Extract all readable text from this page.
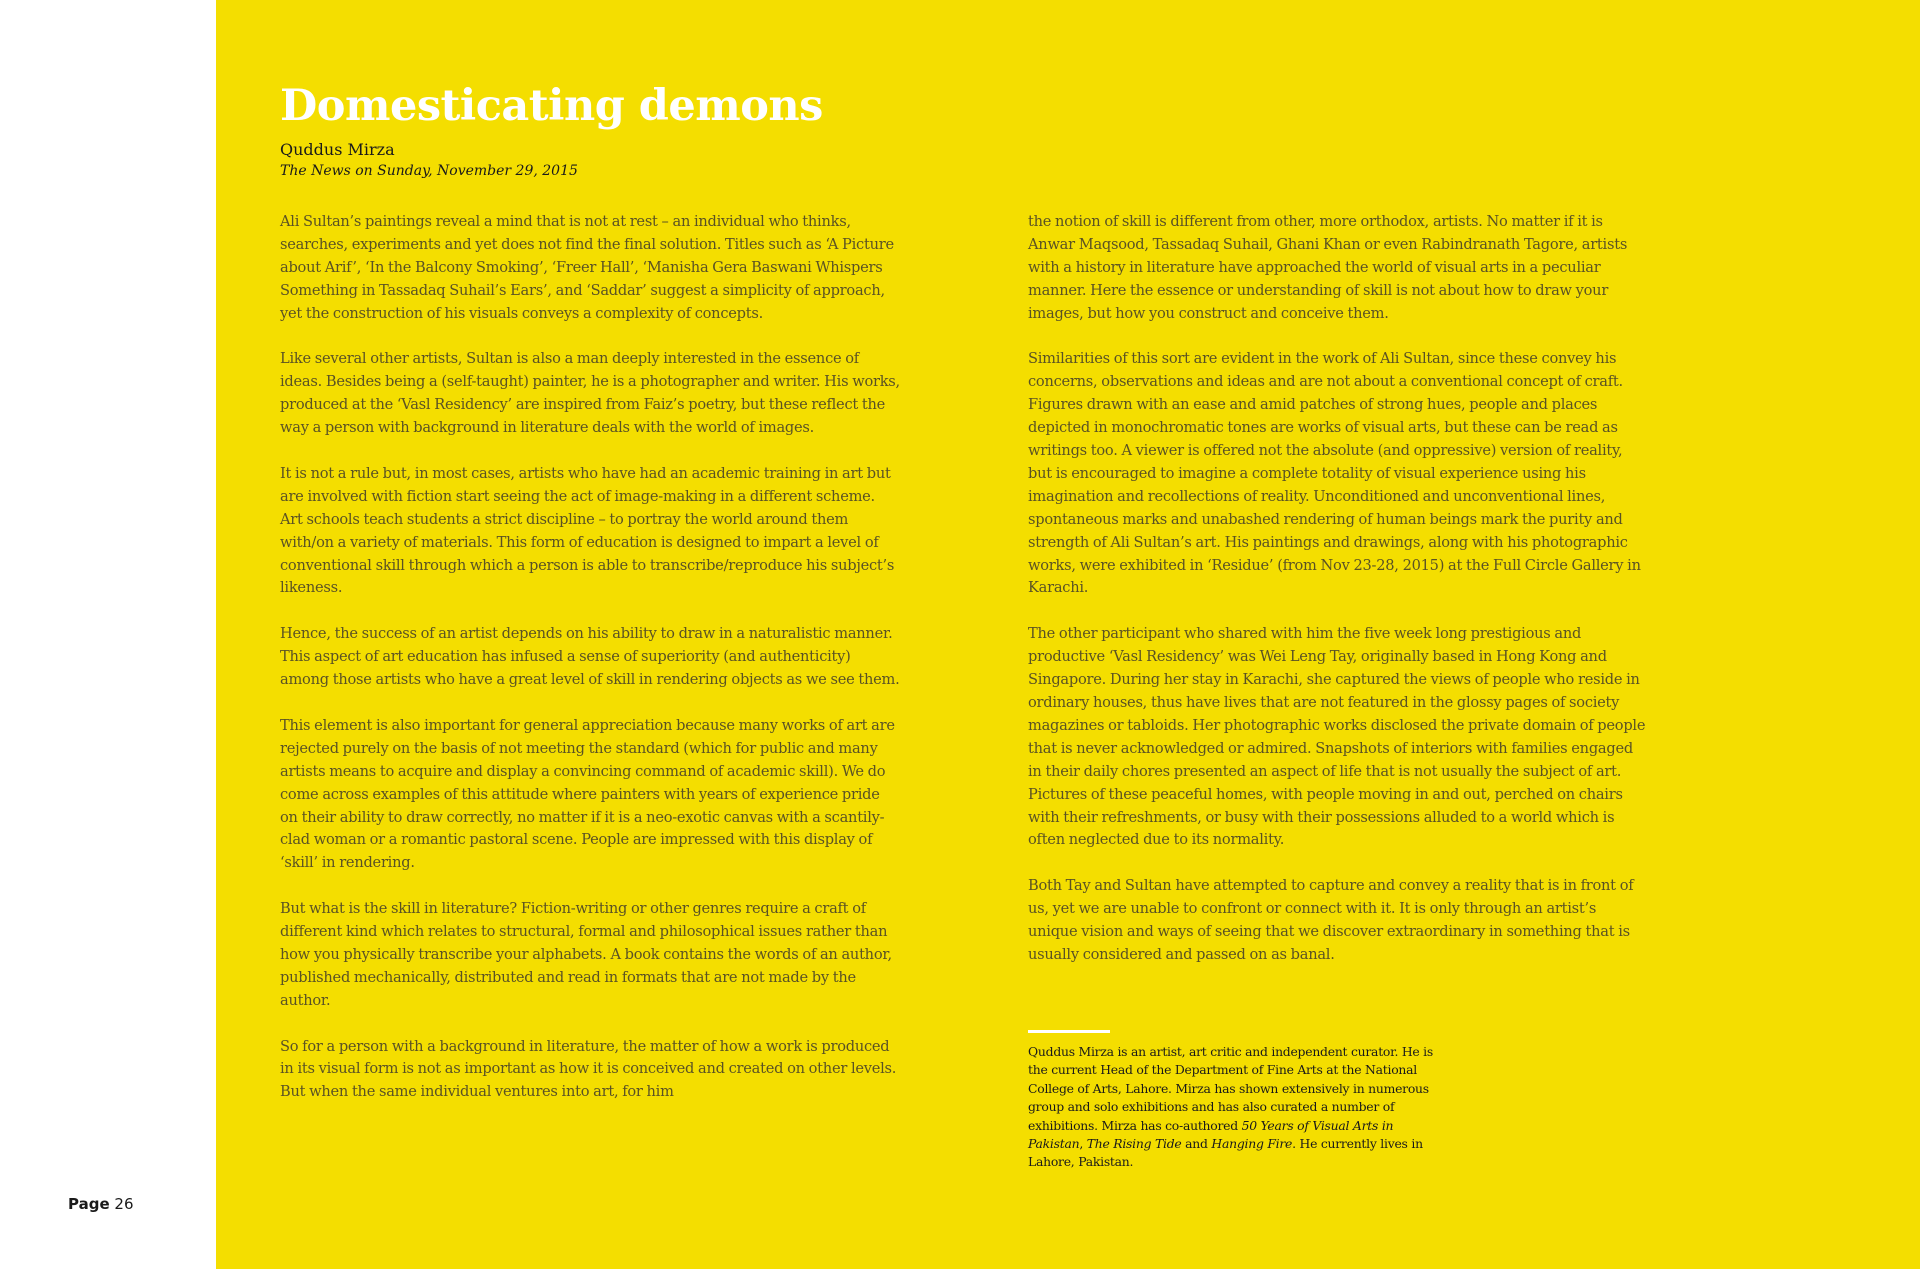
Domesticating demons
Quddus Mirza
The News on Sunday, November 29, 2015

Ali Sultan’s paintings reveal a mind that is not at rest – an individual who thinks, searches, experiments and yet does not find the final solution. Titles such as ‘A Picture about Arif’, ‘In the Balcony Smoking’, ‘Freer Hall’, ‘Manisha Gera Baswani Whispers Something in Tassadaq Suhail’s Ears’, and ‘Saddar’ suggest a simplicity of approach, yet the construction of his visuals conveys a complexity of concepts.

Like several other artists, Sultan is also a man deeply interested in the essence of ideas. Besides being a (self-taught) painter, he is a photographer and writer. His works, produced at the ‘Vasl Residency’ are inspired from Faiz’s poetry, but these reflect the way a person with background in literature deals with the world of images.

It is not a rule but, in most cases, artists who have had an academic training in art but are involved with fiction start seeing the act of image-making in a different scheme. Art schools teach students a strict discipline – to portray the world around them with/on a variety of materials. This form of education is designed to impart a level of conventional skill through which a person is able to transcribe/reproduce his subject’s likeness.

Hence, the success of an artist depends on his ability to draw in a naturalistic manner. This aspect of art education has infused a sense of superiority (and authenticity) among those artists who have a great level of skill in rendering objects as we see them.

This element is also important for general appreciation because many works of art are rejected purely on the basis of not meeting the standard (which for public and many artists means to acquire and display a convincing command of academic skill). We do come across examples of this attitude where painters with years of experience pride on their ability to draw correctly, no matter if it is a neo-exotic canvas with a scantily-clad woman or a romantic pastoral scene. People are impressed with this display of ‘skill’ in rendering.

But what is the skill in literature? Fiction-writing or other genres require a craft of different kind which relates to structural, formal and philosophical issues rather than how you physically transcribe your alphabets. A book contains the words of an author, published mechanically, distributed and read in formats that are not made by the author.

So for a person with a background in literature, the matter of how a work is produced in its visual form is not as important as how it is conceived and created on other levels. But when the same individual ventures into art, for him

the notion of skill is different from other, more orthodox, artists. No matter if it is Anwar Maqsood, Tassadaq Suhail, Ghani Khan or even Rabindranath Tagore, artists with a history in literature have approached the world of visual arts in a peculiar manner. Here the essence or understanding of skill is not about how to draw your images, but how you construct and conceive them.

Similarities of this sort are evident in the work of Ali Sultan, since these convey his concerns, observations and ideas and are not about a conventional concept of craft. Figures drawn with an ease and amid patches of strong hues, people and places depicted in monochromatic tones are works of visual arts, but these can be read as writings too. A viewer is offered not the absolute (and oppressive) version of reality, but is encouraged to imagine a complete totality of visual experience using his imagination and recollections of reality. Unconditioned and unconventional lines, spontaneous marks and unabashed rendering of human beings mark the purity and strength of Ali Sultan’s art. His paintings and drawings, along with his photographic works, were exhibited in ‘Residue’ (from Nov 23-28, 2015) at the Full Circle Gallery in Karachi.

The other participant who shared with him the five week long prestigious and productive ‘Vasl Residency’ was Wei Leng Tay, originally based in Hong Kong and Singapore. During her stay in Karachi, she captured the views of people who reside in ordinary houses, thus have lives that are not featured in the glossy pages of society magazines or tabloids. Her photographic works disclosed the private domain of people that is never acknowledged or admired. Snapshots of interiors with families engaged in their daily chores presented an aspect of life that is not usually the subject of art. Pictures of these peaceful homes, with people moving in and out, perched on chairs with their refreshments, or busy with their possessions alluded to a world which is often neglected due to its normality.

Both Tay and Sultan have attempted to capture and convey a reality that is in front of us, yet we are unable to confront or connect with it. It is only through an artist’s unique vision and ways of seeing that we discover extraordinary in something that is usually considered and passed on as banal.

Quddus Mirza is an artist, art critic and independent curator. He is the current Head of the Department of Fine Arts at the National College of Arts, Lahore. Mirza has shown extensively in numerous group and solo exhibitions and has also curated a number of exhibitions. Mirza has co-authored 50 Years of Visual Arts in Pakistan, The Rising Tide and Hanging Fire. He currently lives in Lahore, Pakistan.
Page 26
